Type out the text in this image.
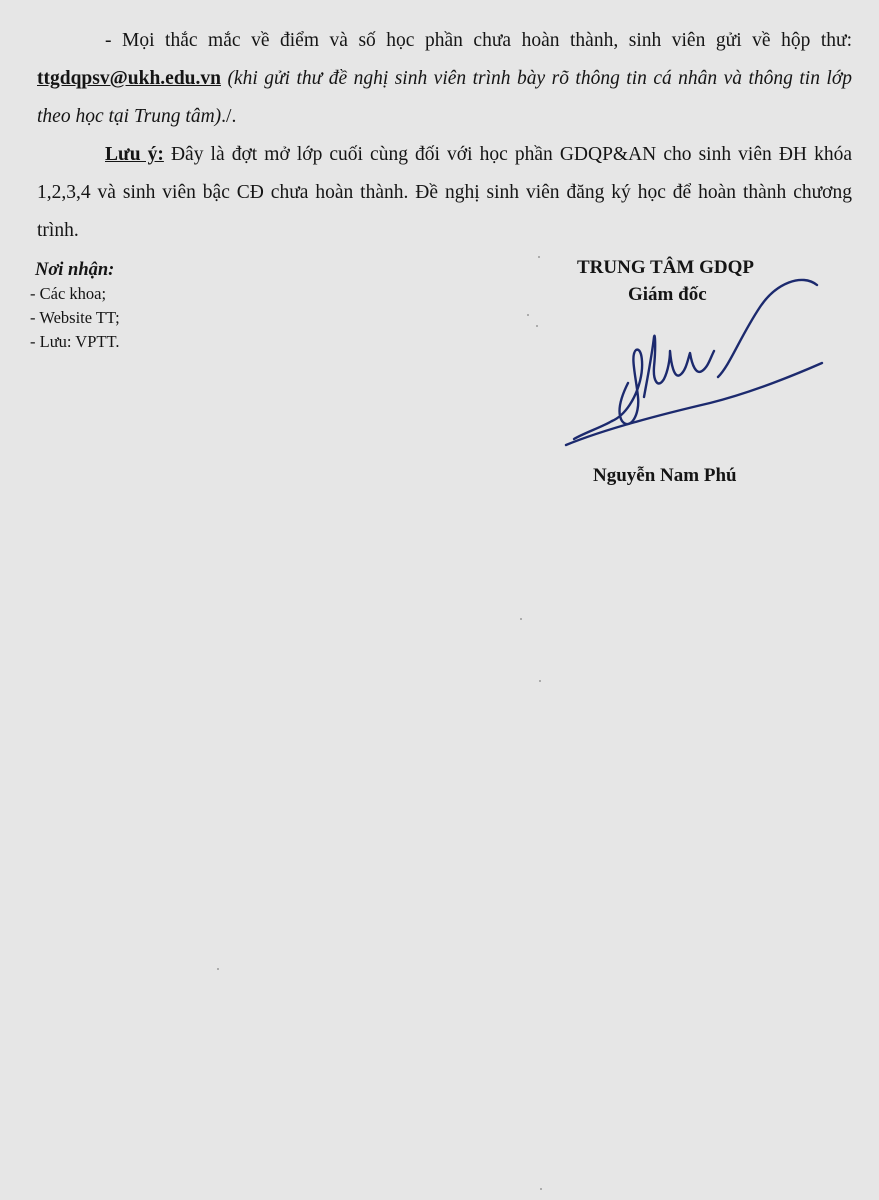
- Mọi thắc mắc về điểm và số học phần chưa hoàn thành, sinh viên gửi về hộp thư: ttgdqpsv@ukh.edu.vn (khi gửi thư đề nghị sinh viên trình bày rõ thông tin cá nhân và thông tin lớp theo học tại Trung tâm)./.

Lưu ý: Đây là đợt mở lớp cuối cùng đối với học phần GDQP&AN cho sinh viên ĐH khóa 1,2,3,4 và sinh viên bậc CĐ chưa hoàn thành. Đề nghị sinh viên đăng ký học để hoàn thành chương trình.

Nơi nhận:
- Các khoa;
- Website TT;
- Lưu: VPTT.
TRUNG TÂM GDQP
Giám đốc
Nguyễn Nam Phú
